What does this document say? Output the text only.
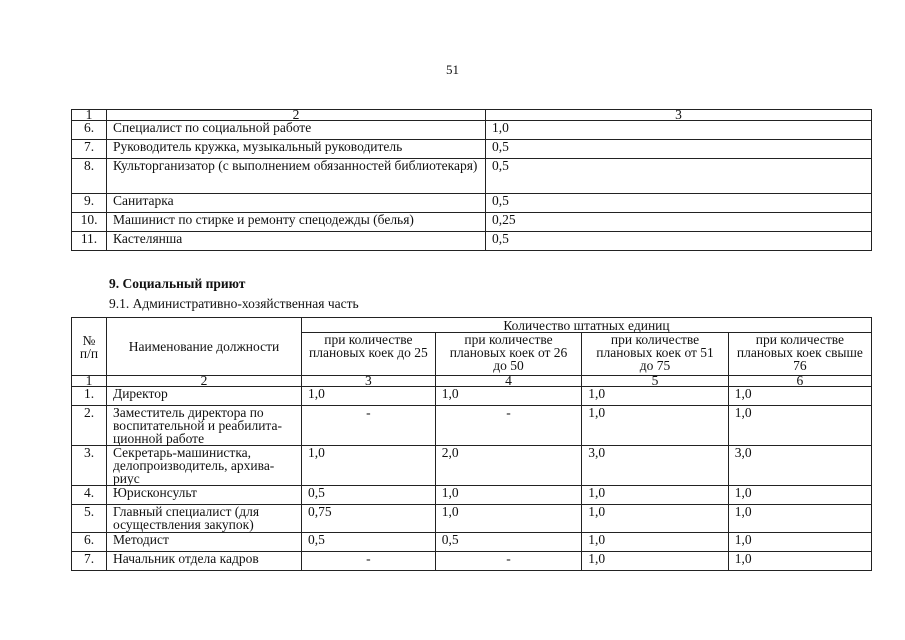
51
1	2	3
6.	Специалист по социальной работе	1,0
7.	Руководитель кружка, музыкальный руководитель	0,5
8.	Культорганизатор (с выполнением обязанностей библиотекаря)	0,5
9.	Санитарка	0,5
10.	Машинист по стирке и ремонту спецодежды (белья)	0,25
11.	Кастелянша	0,5
9. Социальный приют
9.1. Административно-хозяйственная часть
№ п/п	Наименование должности	Количество штатных единиц			
		при количестве плановых коек до 25	при количестве плановых коек от 26 до 50	при количестве плановых коек от 51 до 75	при количестве плановых коек свыше 76
1	2	3	4	5	6
1.	Директор	1,0	1,0	1,0	1,0
2.	Заместитель директора по воспитательной и реабилита-ционной работе	-	-	1,0	1,0
3.	Секретарь-машинистка, делопроизводитель, архива-риус	1,0	2,0	3,0	3,0
4.	Юрисконсульт	0,5	1,0	1,0	1,0
5.	Главный специалист (для осуществления закупок)	0,75	1,0	1,0	1,0
6.	Методист	0,5	0,5	1,0	1,0
7.	Начальник отдела кадров	-	-	1,0	1,0
